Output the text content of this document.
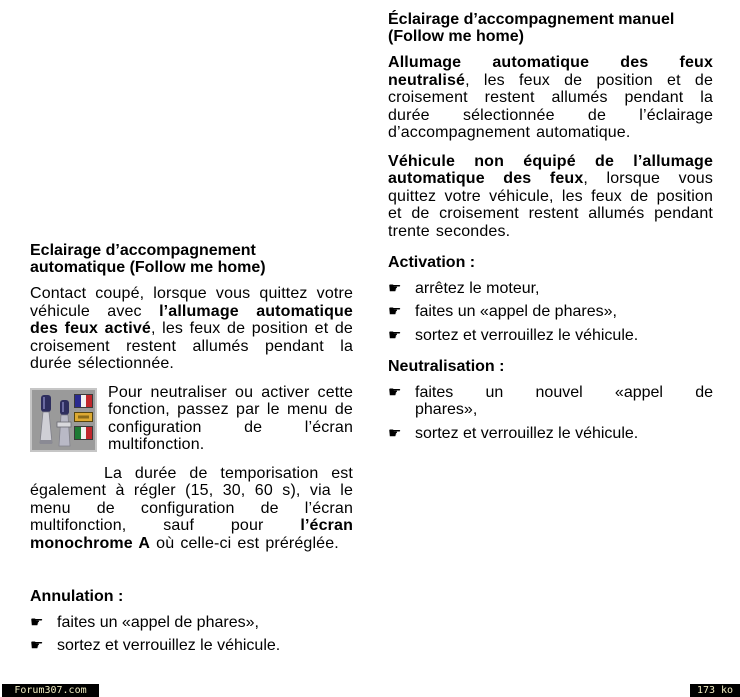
Eclairage d’accompagnement automatique (Follow me home)

Contact coupé, lorsque vous quittez votre véhicule avec l’allumage automatique des feux activé, les feux de position et de croisement restent allumés pendant la durée sélectionnée.

Pour neutraliser ou activer cette fonction, passez par le menu de configuration de l’écran multifonction.

La durée de temporisation est également à régler (15, 30, 60 s), via le menu de configuration de l’écran multifonction, sauf pour l’écran monochrome A où celle-ci est préréglée.

Annulation :
☛ faites un «appel de phares»,
☛ sortez et verrouillez le véhicule.
Éclairage d’accompagnement manuel (Follow me home)

Allumage automatique des feux neutralisé, les feux de position et de croisement restent allumés pendant la durée sélectionnée de l’éclairage d’accompagnement automatique.

Véhicule non équipé de l’allumage automatique des feux, lorsque vous quittez votre véhicule, les feux de position et de croisement restent allumés pendant trente secondes.

Activation :
☛ arrêtez le moteur,
☛ faites un «appel de phares»,
☛ sortez et verrouillez le véhicule.
Neutralisation :
☛ faites un nouvel «appel de
phares»,
☛ sortez et verrouillez le véhicule.
Forum307.com	173 ko
